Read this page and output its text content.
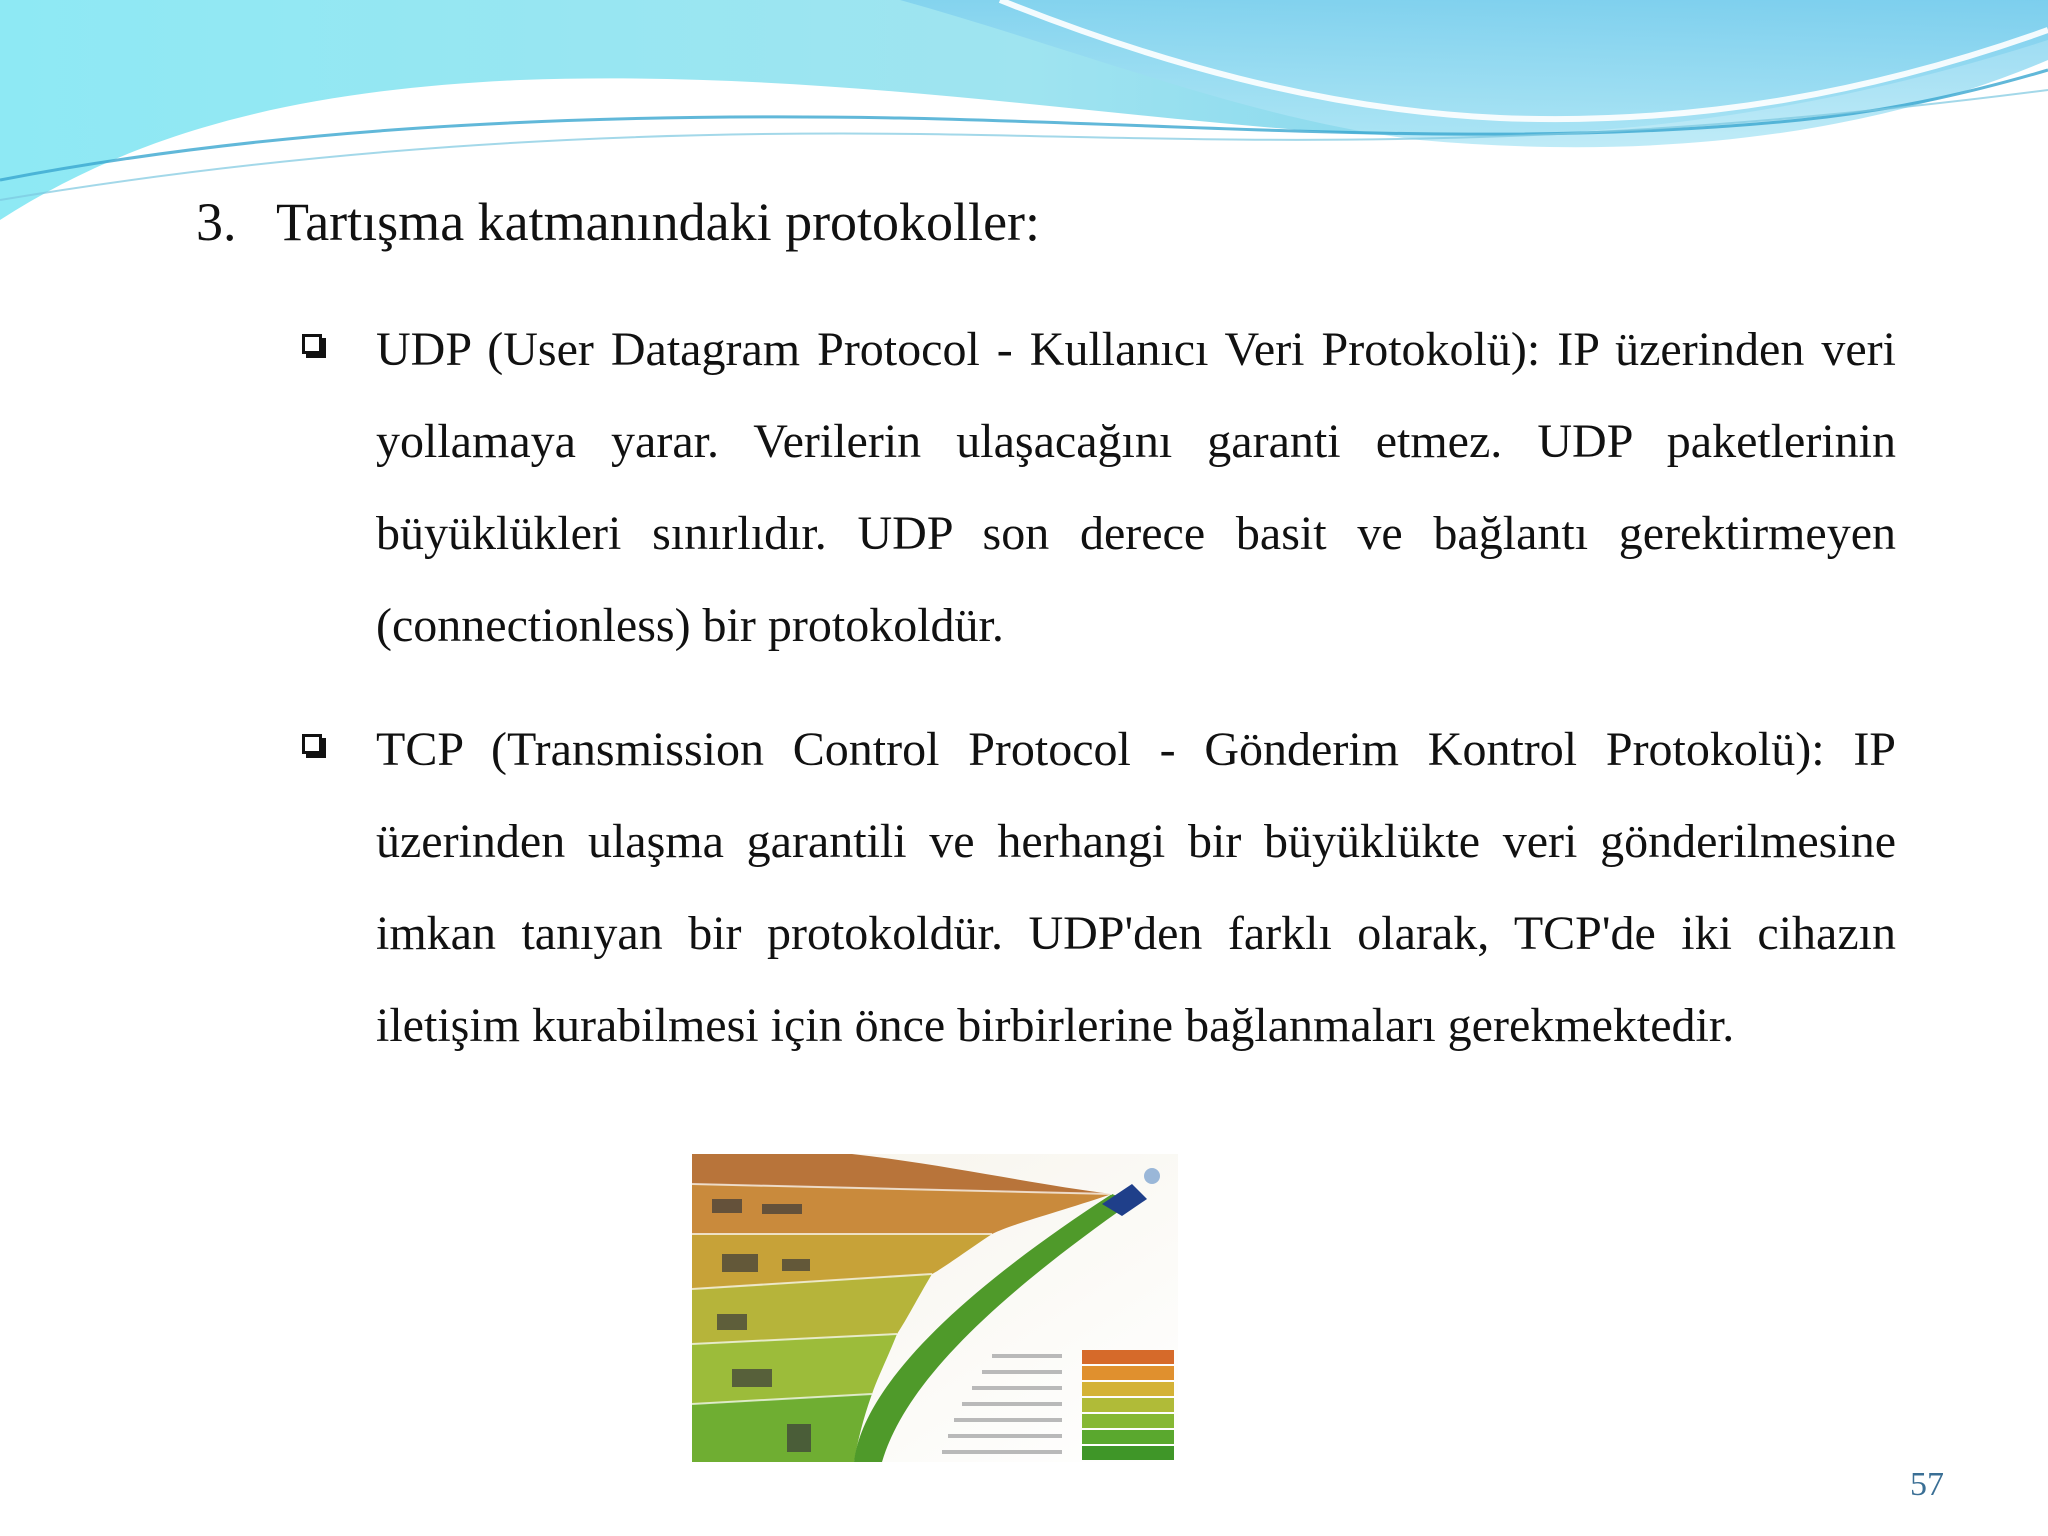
3. Tartışma katmanındaki protokoller:

UDP (User Datagram Protocol - Kullanıcı Veri Protokolü): IP üzerinden veri yollamaya yarar. Verilerin ulaşacağını garanti etmez. UDP paketlerinin büyüklükleri sınırlıdır. UDP son derece basit ve bağlantı gerektirmeyen (connectionless) bir protokoldür.

TCP (Transmission Control Protocol - Gönderim Kontrol Protokolü): IP üzerinden ulaşma garantili ve herhangi bir büyüklükte veri gönderilmesine imkan tanıyan bir protokoldür. UDP'den farklı olarak, TCP'de iki cihazın iletişim kurabilmesi için önce birbirlerine bağlanmaları gerekmektedir.

57
